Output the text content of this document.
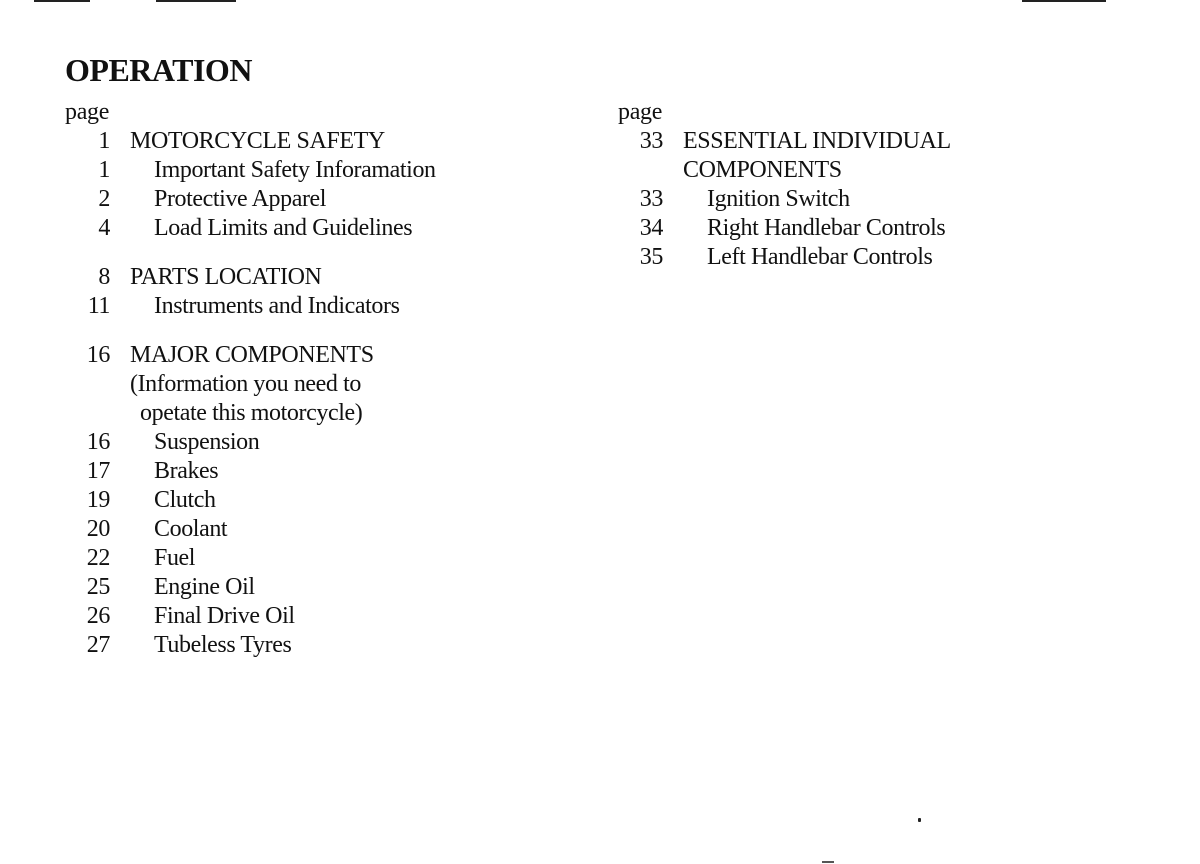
OPERATION
page
1 MOTORCYCLE SAFETY
1 Important Safety Inforamation
2 Protective Apparel
4 Load Limits and Guidelines
8 PARTS LOCATION
11 Instruments and Indicators
16 MAJOR COMPONENTS
(Information you need to
opetate this motorcycle)
16 Suspension
17 Brakes
19 Clutch
20 Coolant
22 Fuel
25 Engine Oil
26 Final Drive Oil
27 Tubeless Tyres
page
33 ESSENTIAL INDIVIDUAL
COMPONENTS
33 Ignition Switch
34 Right Handlebar Controls
35 Left Handlebar Controls
